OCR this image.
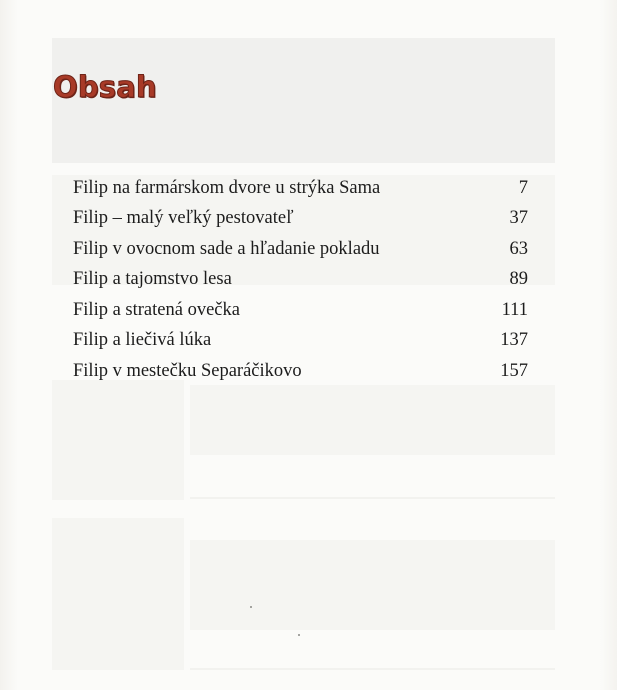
Obsah
Filip na farmárskom dvore u strýka Sama	7
Filip – malý veľký pestovateľ	37
Filip v ovocnom sade a hľadanie pokladu	63
Filip a tajomstvo lesa	89
Filip a stratená ovečka	111
Filip a liečivá lúka	137
Filip v mestečku Separáčikovo	157
